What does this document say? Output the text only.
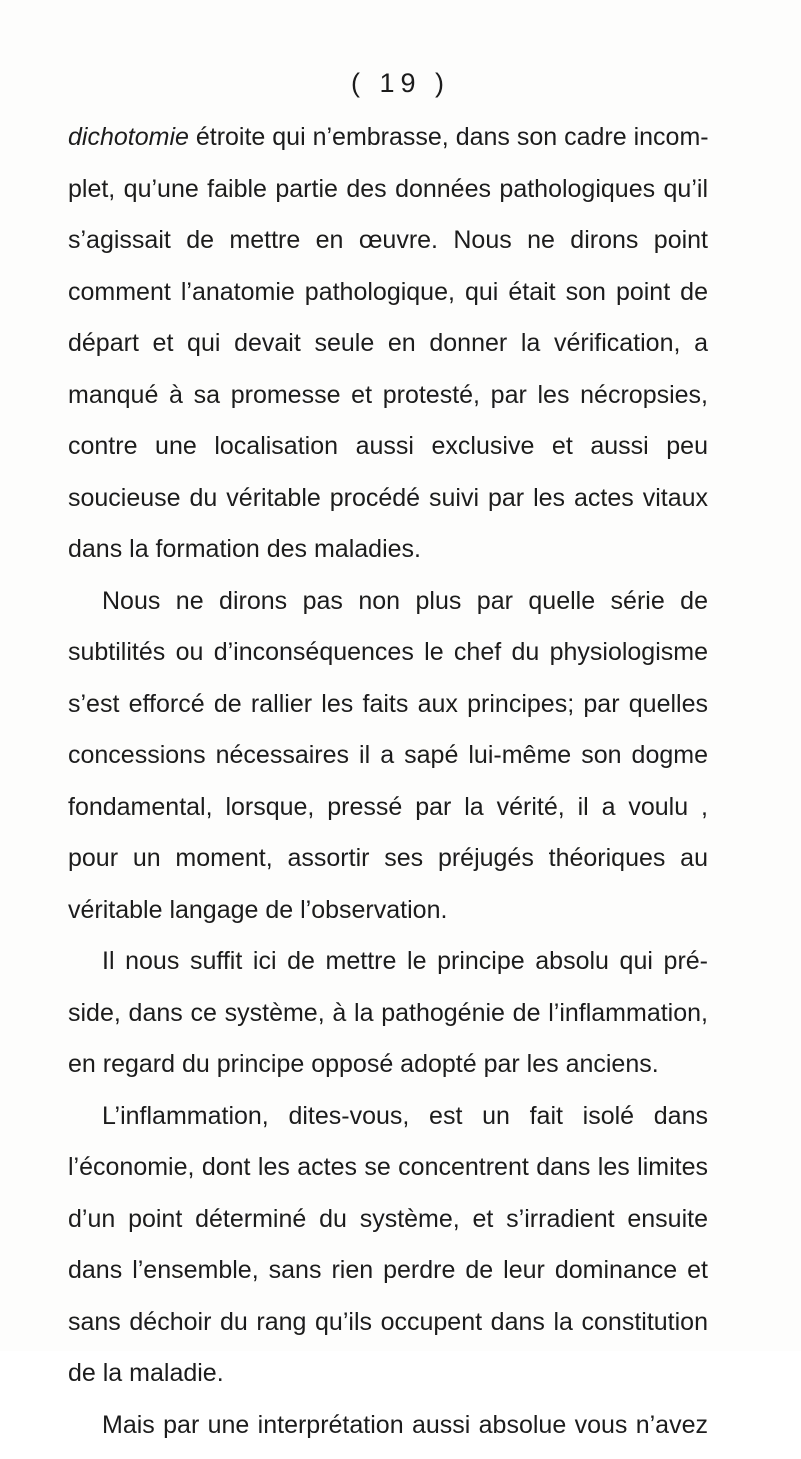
( 19 )
dichotomie étroite qui n’embrasse, dans son cadre incom-
plet, qu’une faible partie des données pathologiques qu’il
s’agissait de mettre en œuvre. Nous ne dirons point
comment l’anatomie pathologique, qui était son point de
départ et qui devait seule en donner la vérification, a
manqué à sa promesse et protesté, par les nécropsies,
contre une localisation aussi exclusive et aussi peu
soucieuse du véritable procédé suivi par les actes vitaux
dans la formation des maladies.
Nous ne dirons pas non plus par quelle série de
subtilités ou d’inconséquences le chef du physiologisme
s’est efforcé de rallier les faits aux principes; par quelles
concessions nécessaires il a sapé lui-même son dogme
fondamental, lorsque, pressé par la vérité, il a voulu ,
pour un moment, assortir ses préjugés théoriques au
véritable langage de l’observation.
Il nous suffit ici de mettre le principe absolu qui pré-
side, dans ce système, à la pathogénie de l’inflammation,
en regard du principe opposé adopté par les anciens.
L’inflammation, dites-vous, est un fait isolé dans
l’économie, dont les actes se concentrent dans les limites
d’un point déterminé du système, et s’irradient ensuite
dans l’ensemble, sans rien perdre de leur dominance et
sans déchoir du rang qu’ils occupent dans la constitution
de la maladie.
Mais par une interprétation aussi absolue vous n’avez
